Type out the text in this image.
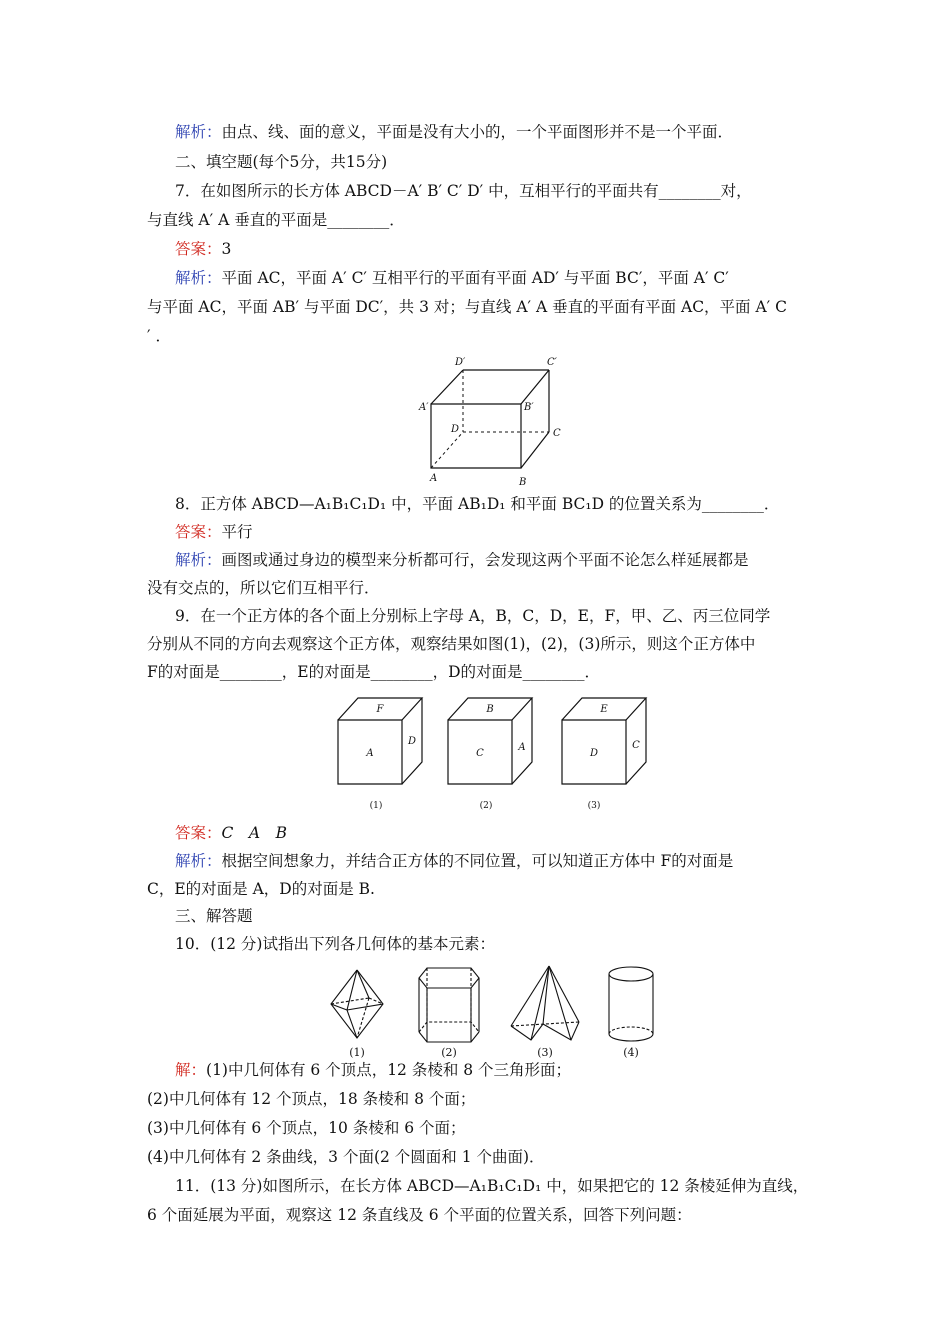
解析：由点、线、面的意义，平面是没有大小的，一个平面图形并不是一个平面．
二、填空题(每个5分，共15分)
7．在如图所示的长方体 ABCD－A′ B′ C′ D′ 中，互相平行的平面共有________对，
与直线 A′ A 垂直的平面是________．
答案：3
解析：平面 AC，平面 A′ C′ 互相平行的平面有平面 AD′ 与平面 BC′，平面 A′ C′
与平面 AC，平面 AB′ 与平面 DC′，共 3 对；与直线 A′ A 垂直的平面有平面 AC，平面 A′ C
′ ．
D′	C′
A′	B′
D	C
A	B
8．正方体 ABCD—A₁B₁C₁D₁ 中，平面 AB₁D₁ 和平面 BC₁D 的位置关系为________．
答案：平行
解析：画图或通过身边的模型来分析都可行，会发现这两个平面不论怎么样延展都是
没有交点的，所以它们互相平行．
9．在一个正方体的各个面上分别标上字母 A，B，C，D，E，F，甲、乙、丙三位同学
分别从不同的方向去观察这个正方体，观察结果如图(1)，(2)，(3)所示，则这个正方体中
F的对面是________，E的对面是________，D的对面是________．
F
A
D
B
C
A
E
D
C
(1)	(2)	(3)
答案：C　A　B
解析：根据空间想象力，并结合正方体的不同位置，可以知道正方体中 F的对面是
C，E的对面是 A，D的对面是 B.
三、解答题
10．(12 分)试指出下列各几何体的基本元素：
(1)	(2)	(3)	(4)
解：(1)中几何体有 6 个顶点，12 条棱和 8 个三角形面；
(2)中几何体有 12 个顶点，18 条棱和 8 个面；
(3)中几何体有 6 个顶点，10 条棱和 6 个面；
(4)中几何体有 2 条曲线，3 个面(2 个圆面和 1 个曲面)．
11．(13 分)如图所示，在长方体 ABCD—A₁B₁C₁D₁ 中，如果把它的 12 条棱延伸为直线，
6 个面延展为平面，观察这 12 条直线及 6 个平面的位置关系，回答下列问题：
